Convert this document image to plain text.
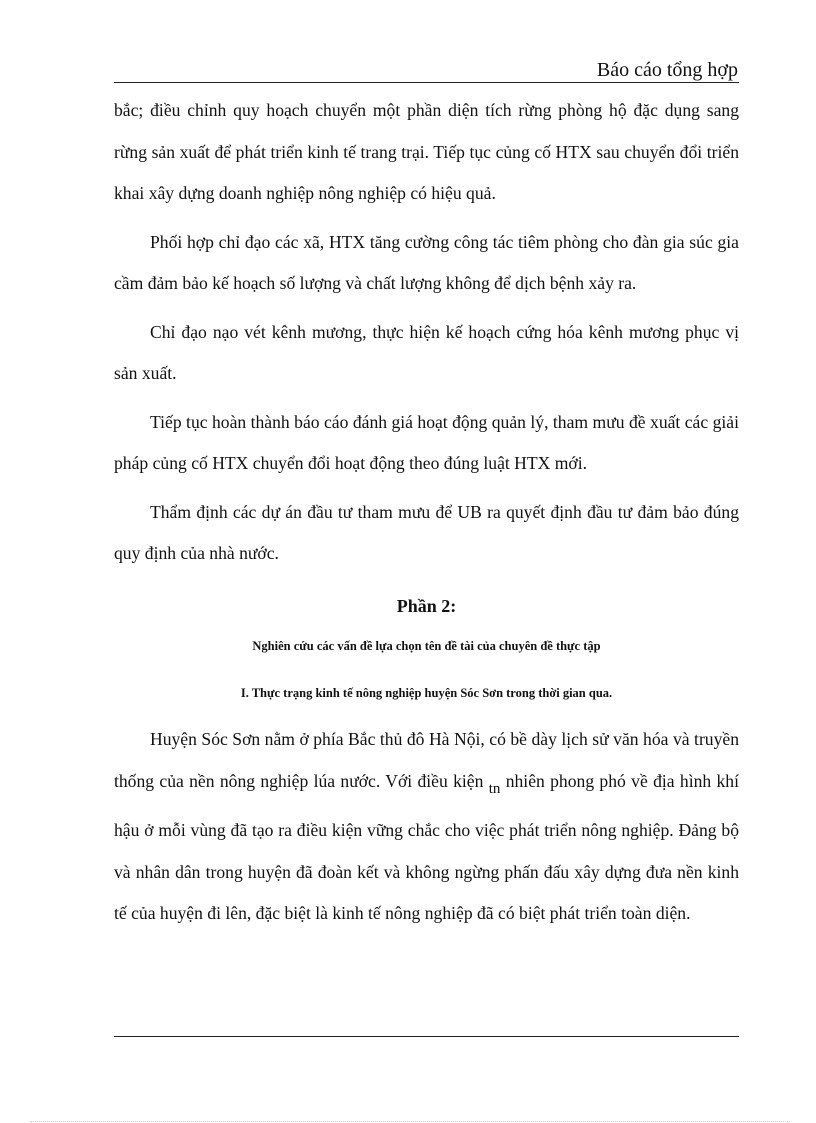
Báo cáo tổng hợp

bắc; điều chỉnh quy hoạch chuyển một phần diện tích rừng phòng hộ đặc dụng sang rừng sản xuất để phát triển kinh tế trang trại. Tiếp tục củng cố HTX sau chuyển đổi triển khai xây dựng doanh nghiệp nông nghiệp có hiệu quả.

Phối hợp chỉ đạo các xã, HTX tăng cường công tác tiêm phòng cho đàn gia súc gia cầm đảm bảo kế hoạch số lượng và chất lượng không để dịch bệnh xảy ra.

Chỉ đạo nạo vét kênh mương, thực hiện kế hoạch cứng hóa kênh mương phục vị sản xuất.

Tiếp tục hoàn thành báo cáo đánh giá hoạt động quản lý, tham mưu đề xuất các giải pháp củng cố HTX chuyển đổi hoạt động theo đúng luật HTX mới.

Thẩm định các dự án đầu tư tham mưu để UB ra quyết định đầu tư đảm bảo đúng quy định của nhà nước.

Phần 2:
Nghiên cứu các vấn đề lựa chọn tên đề tài của chuyên đề thực tập
I. Thực trạng kinh tế nông nghiệp huyện Sóc Sơn trong thời gian qua.

Huyện Sóc Sơn nằm ở phía Bắc thủ đô Hà Nội, có bề dày lịch sử văn hóa và truyền thống của nền nông nghiệp lúa nước. Với điều kiện tn nhiên phong phó về địa hình khí hậu ở mỗi vùng đã tạo ra điều kiện vững chắc cho việc phát triển nông nghiệp. Đảng bộ và nhân dân trong huyện đã đoàn kết và không ngừng phấn đấu xây dựng đưa nền kinh tế của huyện đi lên, đặc biệt là kinh tế nông nghiệp đã có biệt phát triển toàn diện.
